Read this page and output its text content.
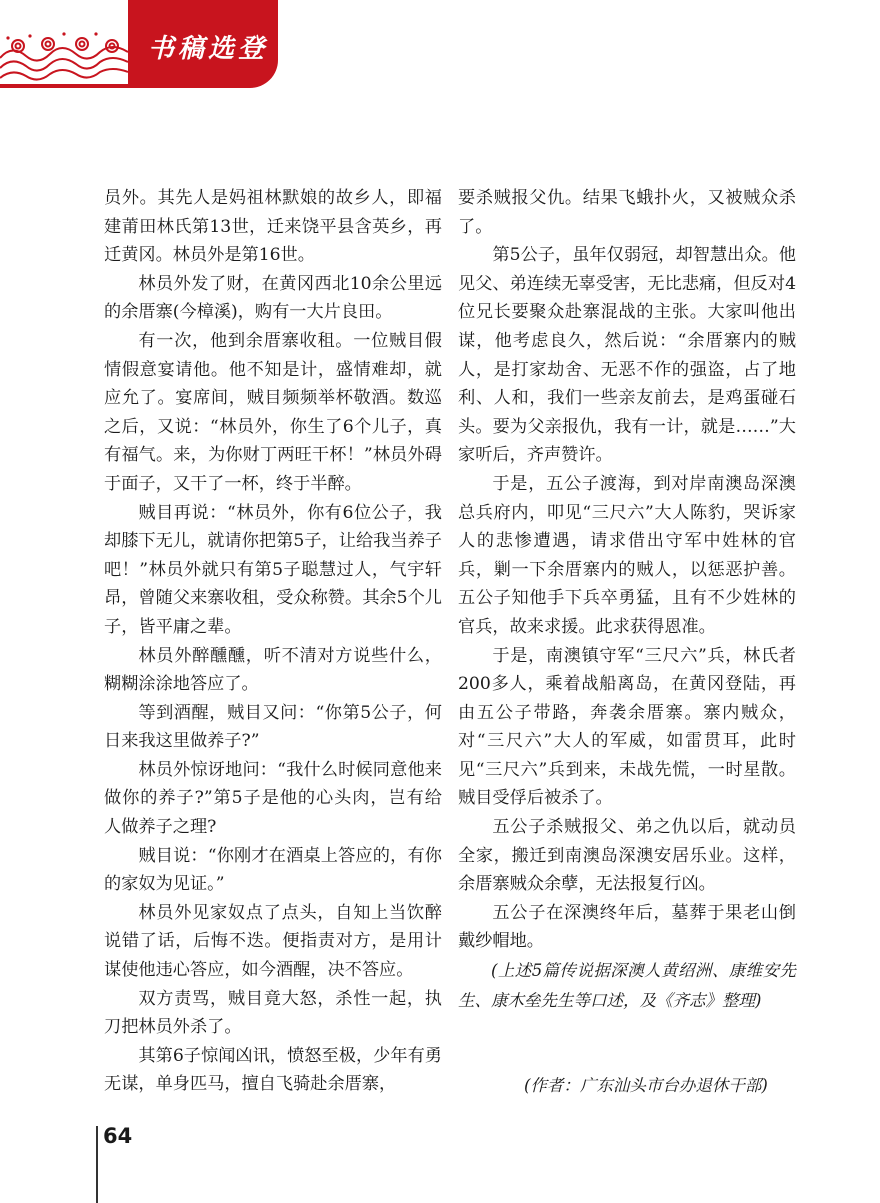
书稿选登

员外。其先人是妈祖林默娘的故乡人，即福建莆田林氏第13世，迁来饶平县含英乡，再迁黄冈。林员外是第16世。

林员外发了财，在黄冈西北10余公里远的余厝寨(今樟溪)，购有一大片良田。

有一次，他到余厝寨收租。一位贼目假情假意宴请他。他不知是计，盛情难却，就应允了。宴席间，贼目频频举杯敬酒。数巡之后，又说：“林员外，你生了6个儿子，真有福气。来，为你财丁两旺干杯！”林员外碍于面子，又干了一杯，终于半醉。

贼目再说：“林员外，你有6位公子，我却膝下无儿，就请你把第5子，让给我当养子吧！”林员外就只有第5子聪慧过人，气宇轩昂，曾随父来寨收租，受众称赞。其余5个儿子，皆平庸之辈。

林员外醉醺醺，听不清对方说些什么，糊糊涂涂地答应了。

等到酒醒，贼目又问：“你第5公子，何日来我这里做养子?”

林员外惊讶地问：“我什么时候同意他来做你的养子?”第5子是他的心头肉，岂有给人做养子之理?

贼目说：“你刚才在酒桌上答应的，有你的家奴为见证。”

林员外见家奴点了点头，自知上当饮醉说错了话，后悔不迭。便指责对方，是用计谋使他违心答应，如今酒醒，决不答应。

双方责骂，贼目竟大怒，杀性一起，执刀把林员外杀了。

其第6子惊闻凶讯，愤怒至极，少年有勇无谋，单身匹马，擅自飞骑赴余厝寨，

要杀贼报父仇。结果飞蛾扑火，又被贼众杀了。

第5公子，虽年仅弱冠，却智慧出众。他见父、弟连续无辜受害，无比悲痛，但反对4位兄长要聚众赴寨混战的主张。大家叫他出谋，他考虑良久，然后说：“余厝寨内的贼人，是打家劫舍、无恶不作的强盗，占了地利、人和，我们一些亲友前去，是鸡蛋碰石头。要为父亲报仇，我有一计，就是……”大家听后，齐声赞许。

于是，五公子渡海，到对岸南澳岛深澳总兵府内，叩见“三尺六”大人陈豹，哭诉家人的悲惨遭遇，请求借出守军中姓林的官兵，剿一下余厝寨内的贼人，以惩恶护善。五公子知他手下兵卒勇猛，且有不少姓林的官兵，故来求援。此求获得恩准。

于是，南澳镇守军“三尺六”兵，林氏者200多人，乘着战船离岛，在黄冈登陆，再由五公子带路，奔袭余厝寨。寨内贼众，对“三尺六”大人的军威，如雷贯耳，此时见“三尺六”兵到来，未战先慌，一时星散。贼目受俘后被杀了。

五公子杀贼报父、弟之仇以后，就动员全家，搬迁到南澳岛深澳安居乐业。这样，余厝寨贼众余孽，无法报复行凶。

五公子在深澳终年后，墓葬于果老山倒戴纱帽地。

(上述5篇传说据深澳人黄绍洲、康维安先生、康木垒先生等口述，及《齐志》整理)

(作者：广东汕头市台办退休干部)

64
